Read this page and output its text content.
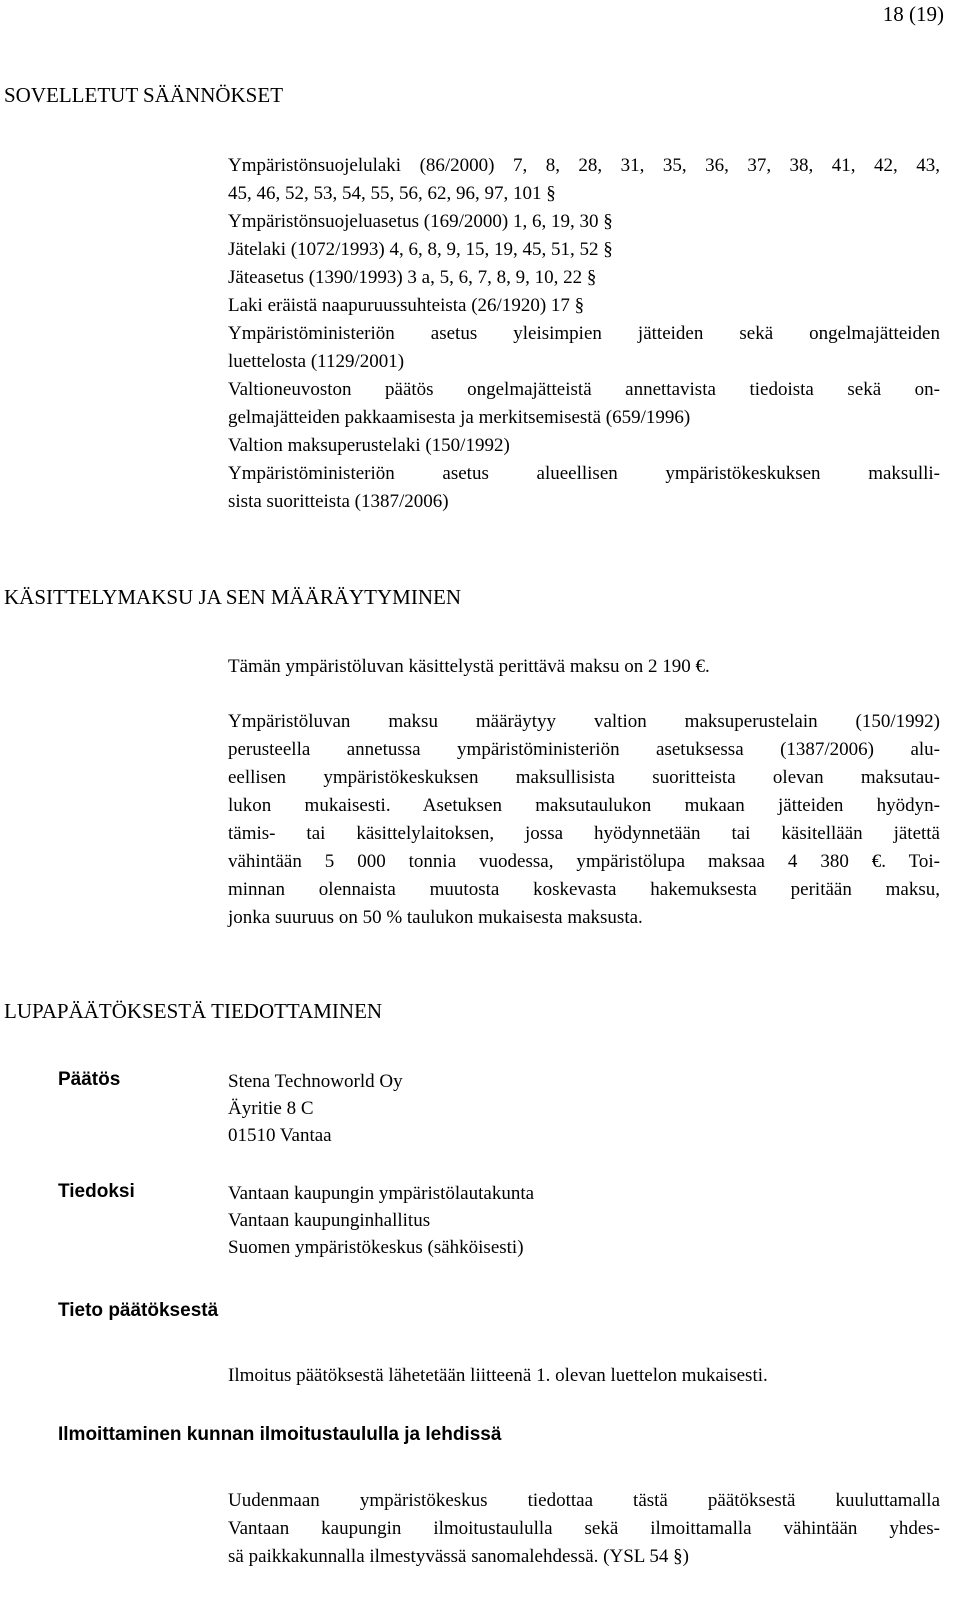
18 (19)
SOVELLETUT SÄÄNNÖKSET
Ympäristönsuojelulaki (86/2000) 7, 8, 28, 31, 35, 36, 37, 38, 41, 42, 43,
45, 46, 52, 53, 54, 55, 56, 62, 96, 97, 101 §
Ympäristönsuojeluasetus (169/2000) 1, 6, 19, 30 §
Jätelaki (1072/1993) 4, 6, 8, 9, 15, 19, 45, 51, 52 §
Jäteasetus (1390/1993) 3 a, 5, 6, 7, 8, 9, 10, 22 §
Laki eräistä naapuruussuhteista (26/1920) 17 §
Ympäristöministeriön asetus yleisimpien jätteiden sekä ongelmajätteiden
luettelosta (1129/2001)
Valtioneuvoston päätös ongelmajätteistä annettavista tiedoista sekä on-
gelmajätteiden pakkaamisesta ja merkitsemisestä (659/1996)
Valtion maksuperustelaki (150/1992)
Ympäristöministeriön asetus alueellisen ympäristökeskuksen maksulli-
sista suoritteista (1387/2006)
KÄSITTELYMAKSU JA SEN MÄÄRÄYTYMINEN
Tämän ympäristöluvan käsittelystä perittävä maksu on 2 190 €.
Ympäristöluvan maksu määräytyy valtion maksuperustelain (150/1992)
perusteella annetussa ympäristöministeriön asetuksessa (1387/2006) alu-
eellisen ympäristökeskuksen maksullisista suoritteista olevan maksutau-
lukon mukaisesti. Asetuksen maksutaulukon mukaan jätteiden hyödyn-
tämis- tai käsittelylaitoksen, jossa hyödynnetään tai käsitellään jätettä
vähintään 5 000 tonnia vuodessa, ympäristölupa maksaa 4 380 €. Toi-
minnan olennaista muutosta koskevasta hakemuksesta peritään maksu,
jonka suuruus on 50 % taulukon mukaisesta maksusta.
LUPAPÄÄTÖKSESTÄ TIEDOTTAMINEN
Päätös	Stena Technoworld Oy
Äyritie 8 C
01510 Vantaa
Tiedoksi	Vantaan kaupungin ympäristölautakunta
Vantaan kaupunginhallitus
Suomen ympäristökeskus (sähköisesti)
Tieto päätöksestä
Ilmoitus päätöksestä lähetetään liitteenä 1. olevan luettelon mukaisesti.
Ilmoittaminen kunnan ilmoitustaululla ja lehdissä
Uudenmaan ympäristökeskus tiedottaa tästä päätöksestä kuuluttamalla
Vantaan kaupungin ilmoitustaululla sekä ilmoittamalla vähintään yhdes-
sä paikkakunnalla ilmestyvässä sanomalehdessä. (YSL 54 §)
